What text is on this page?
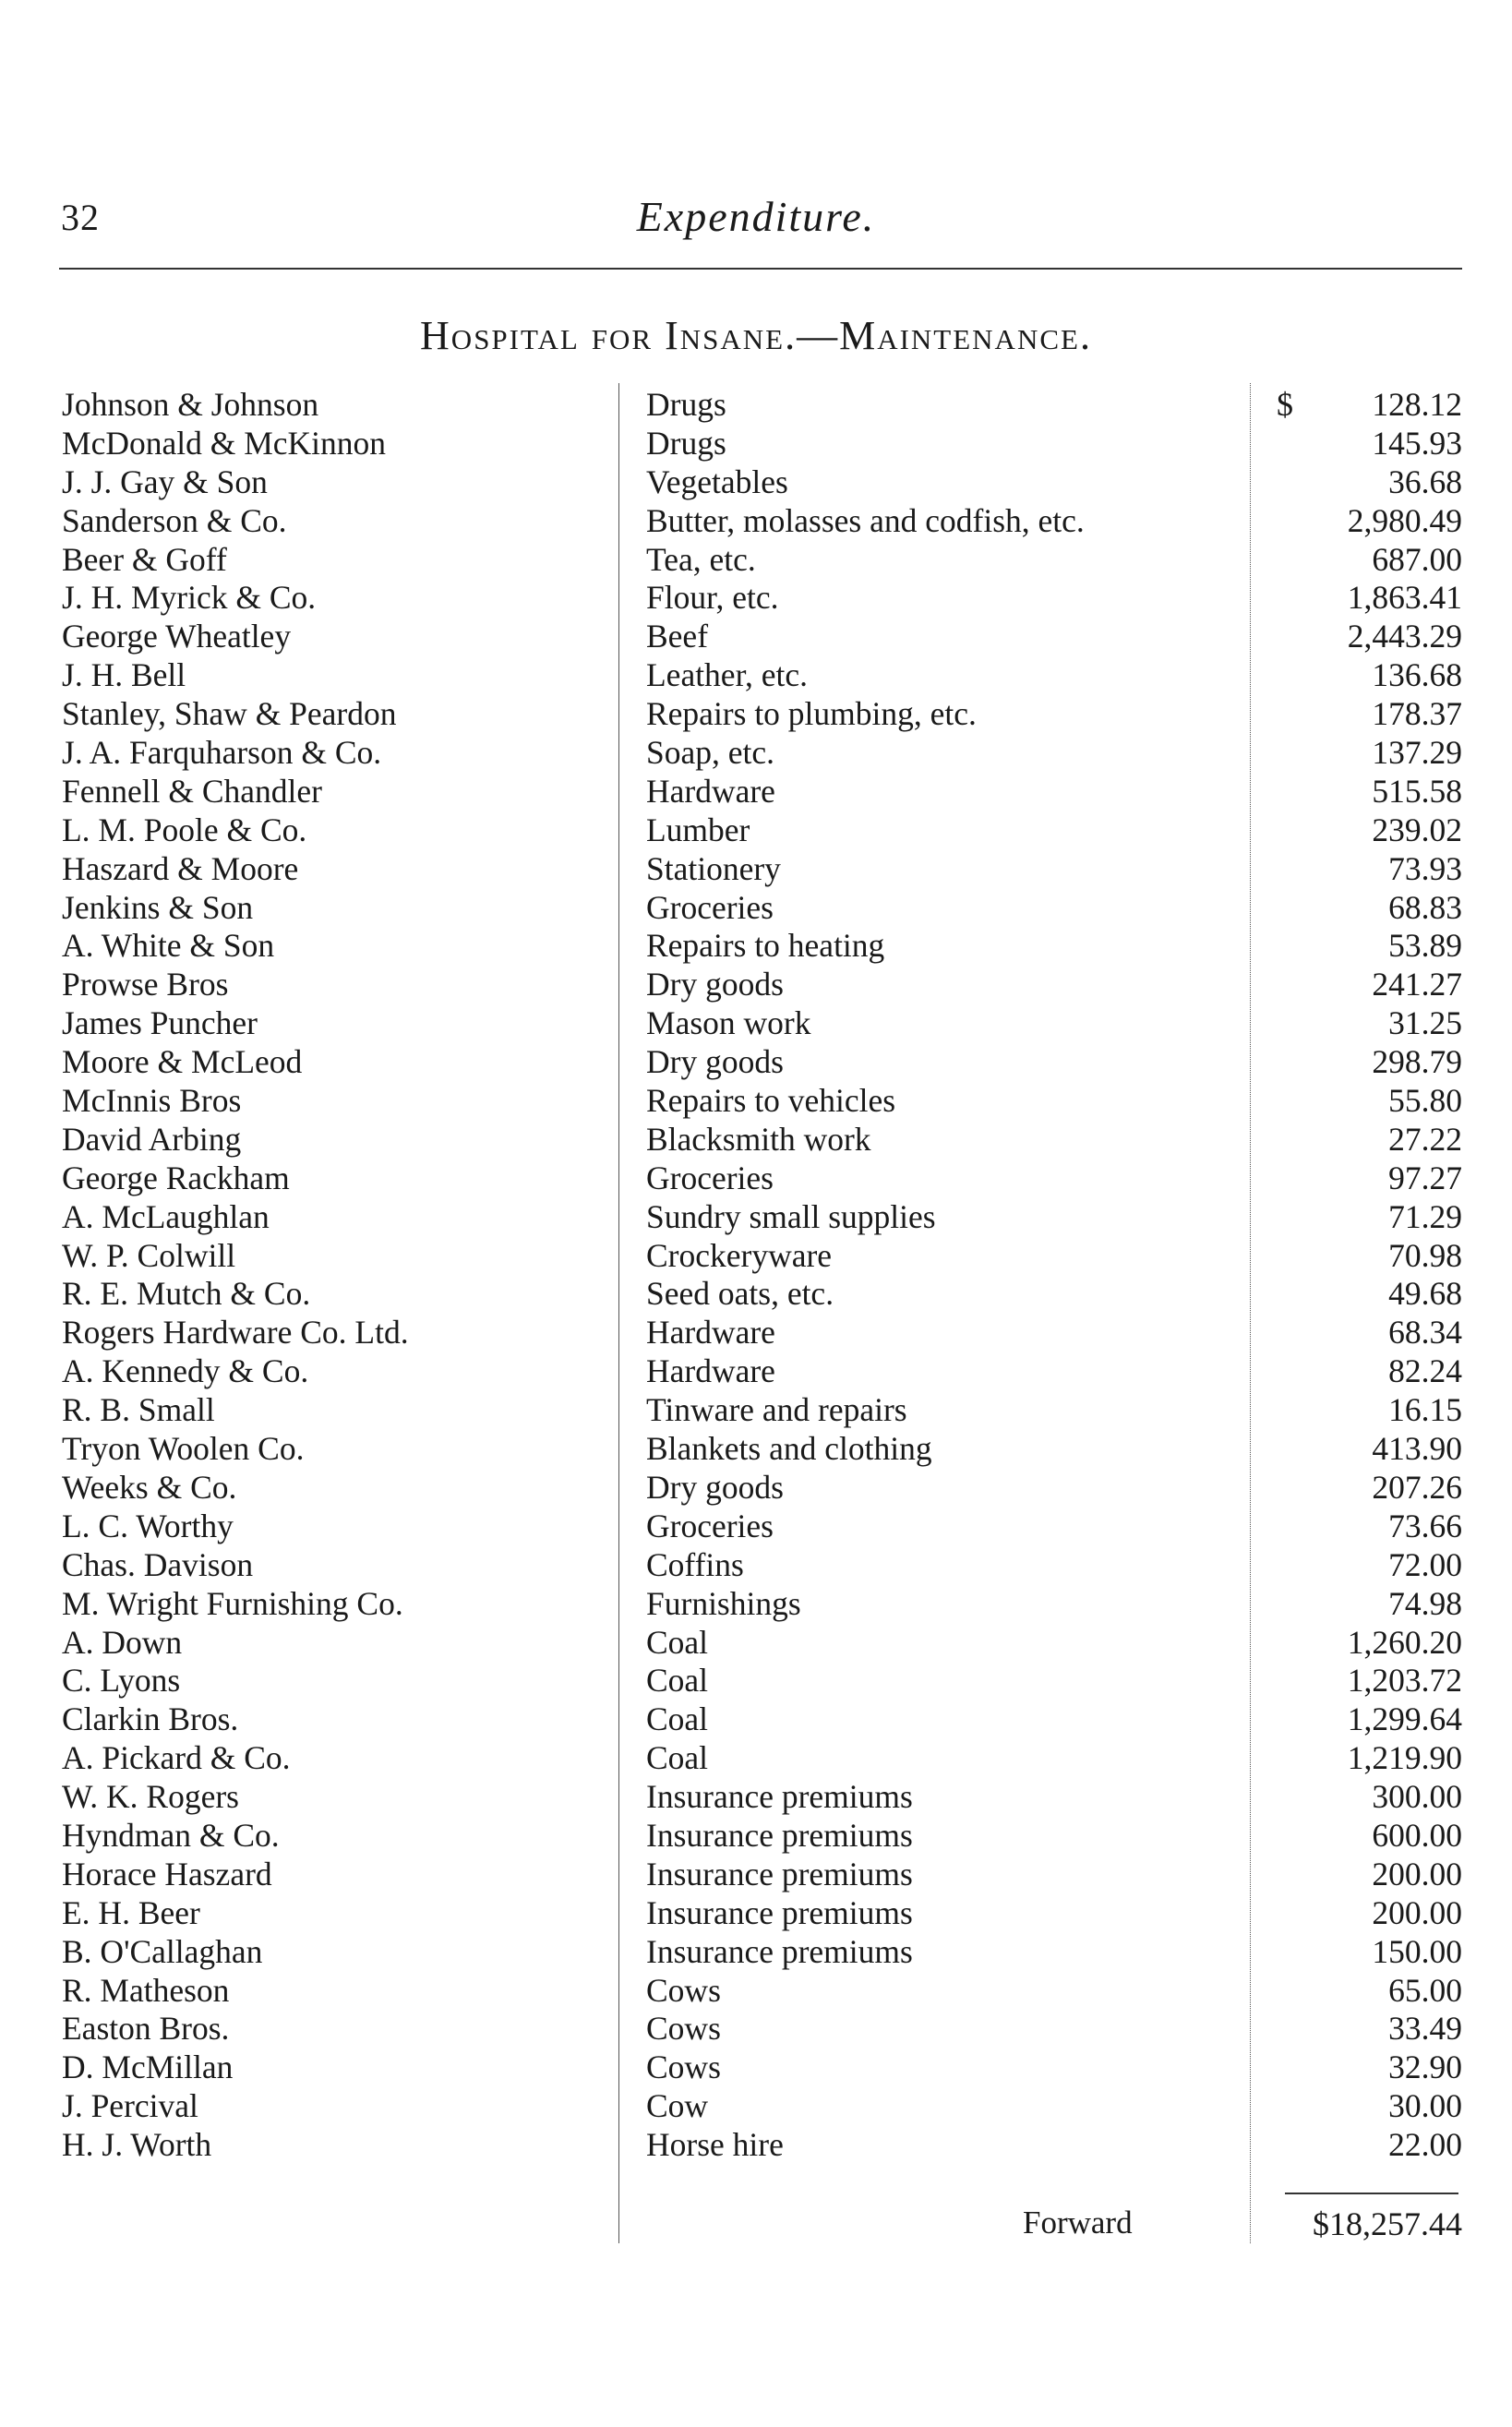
32	Expenditure.
Hospital for Insane.—Maintenance.
$
Johnson & Johnson	Drugs	128.12
McDonald & McKinnon	Drugs	145.93
J. J. Gay & Son	Vegetables	36.68
Sanderson & Co.	Butter, molasses and codfish, etc.	2,980.49
Beer & Goff	Tea, etc.	687.00
J. H. Myrick & Co.	Flour, etc.	1,863.41
George Wheatley	Beef	2,443.29
J. H. Bell	Leather, etc.	136.68
Stanley, Shaw & Peardon	Repairs to plumbing, etc.	178.37
J. A. Farquharson & Co.	Soap, etc.	137.29
Fennell & Chandler	Hardware	515.58
L. M. Poole & Co.	Lumber	239.02
Haszard & Moore	Stationery	73.93
Jenkins & Son	Groceries	68.83
A. White & Son	Repairs to heating	53.89
Prowse Bros	Dry goods	241.27
James Puncher	Mason work	31.25
Moore & McLeod	Dry goods	298.79
McInnis Bros	Repairs to vehicles	55.80
David Arbing	Blacksmith work	27.22
George Rackham	Groceries	97.27
A. McLaughlan	Sundry small supplies	71.29
W. P. Colwill	Crockeryware	70.98
R. E. Mutch & Co.	Seed oats, etc.	49.68
Rogers Hardware Co. Ltd.	Hardware	68.34
A. Kennedy & Co.	Hardware	82.24
R. B. Small	Tinware and repairs	16.15
Tryon Woolen Co.	Blankets and clothing	413.90
Weeks & Co.	Dry goods	207.26
L. C. Worthy	Groceries	73.66
Chas. Davison	Coffins	72.00
M. Wright Furnishing Co.	Furnishings	74.98
A. Down	Coal	1,260.20
C. Lyons	Coal	1,203.72
Clarkin Bros.	Coal	1,299.64
A. Pickard & Co.	Coal	1,219.90
W. K. Rogers	Insurance premiums	300.00
Hyndman & Co.	Insurance premiums	600.00
Horace Haszard	Insurance premiums	200.00
E. H. Beer	Insurance premiums	200.00
B. O'Callaghan	Insurance premiums	150.00
R. Matheson	Cows	65.00
Easton Bros.	Cows	33.49
D. McMillan	Cows	32.90
J. Percival	Cow	30.00
H. J. Worth	Horse hire	22.00
Forward	$18,257.44
